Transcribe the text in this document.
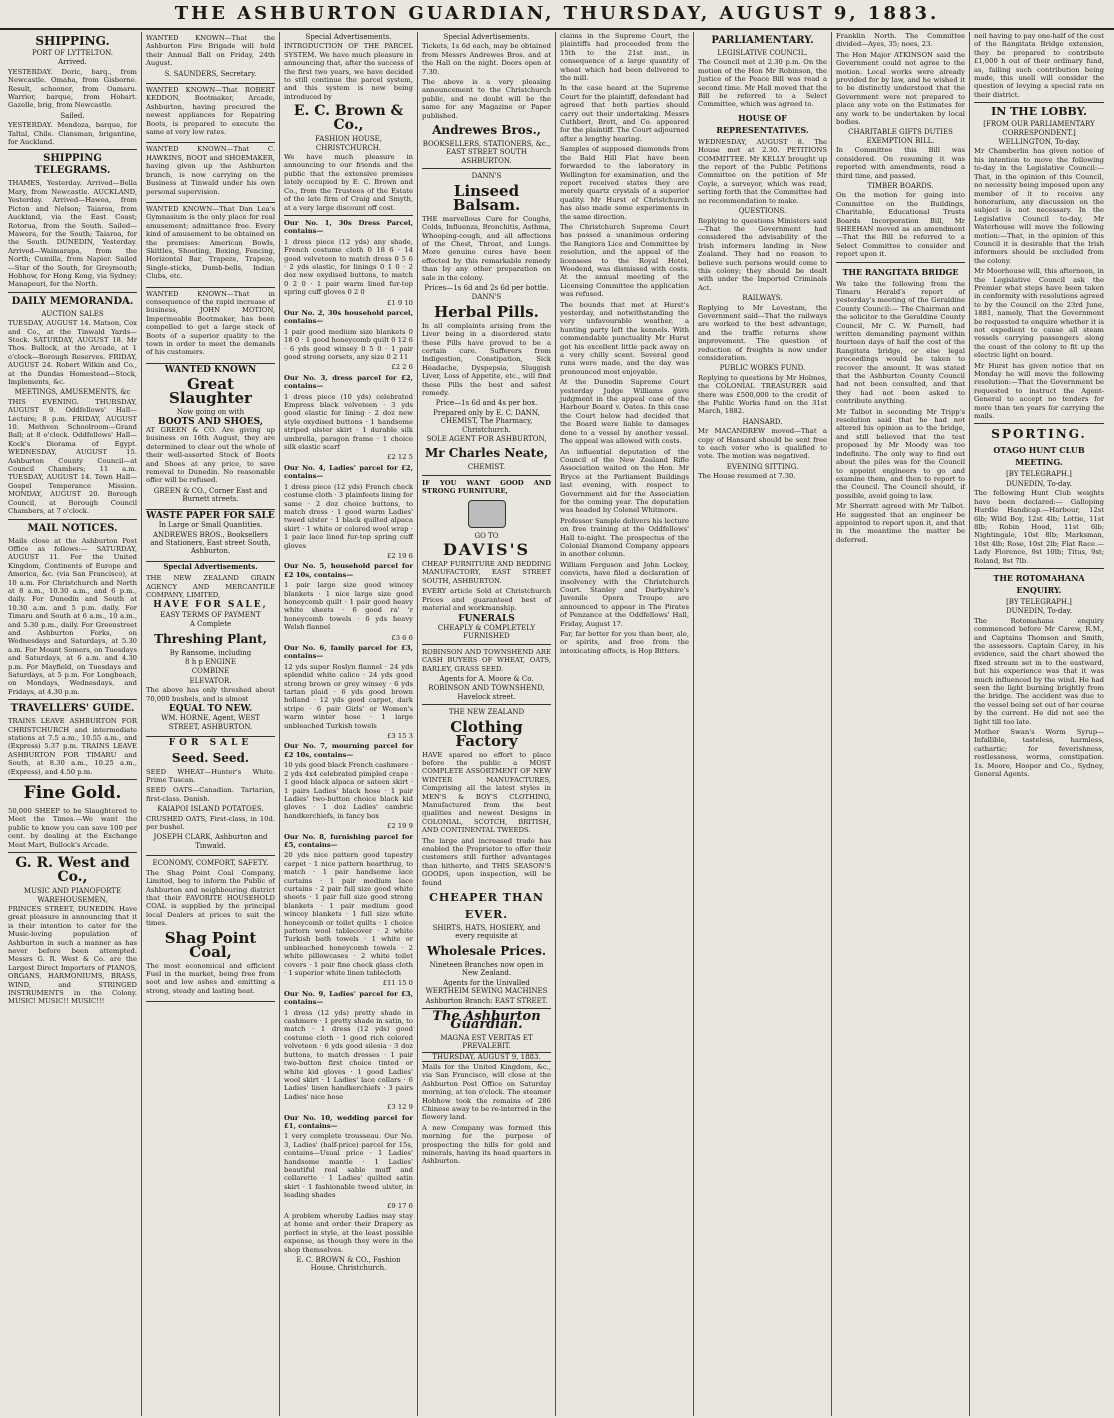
THE ASHBURTON GUARDIAN, THURSDAY, AUGUST 9, 1883.
SHIPPING.
PORT OF LYTTELTON.
Arrived.
YESTERDAY. Doric, barq., from Newcastle. Omaha, from Gisborne. Result, schooner, from Oamaru. Warrior, barque, from Hobart. Gazelle, brig, from Newcastle.
Sailed.
YESTERDAY. Mendoza, barque, for Taltal, Chile. Clansman, brigantine, for Auckland.
SHIPPING TELEGRAMS.
THAMES, Yesterday. Arrived—Bella Mary, from Newcastle. AUCKLAND, Yesterday. Arrived—Hawea, from Picton and Nelson; Taiaroa, from Auckland, via the East Coast; Rotorua, from the South. Sailed—Mawera, for the South; Taiaroa, for the South. DUNEDIN, Yesterday. Arrived—Waimarapa, from the North; Cumilla, from Napier. Sailed—Star of the South, for Greymouth; Hobhow, for Hong Kong, via Sydney; Manapouri, for the North.
DAILY MEMORANDA.
AUCTION SALES
TUESDAY, AUGUST 14. Matson, Cox and Co., at the Tinwald Yards—Stock. SATURDAY, AUGUST 18. Mr Thos. Bullock, at the Arcade, at 1 o'clock—Borough Reserves. FRIDAY, AUGUST 24. Robert Wilkin and Co., at the Dundas Homestead—Stock, Implements, &c.
MEETINGS, AMUSEMENTS, &c
THIS EVENING. THURSDAY, AUGUST 9. Oddfellows' Hall—Lecture; 8 p.m. FRIDAY, AUGUST 10. Methven Schoolroom—Grand Ball; at 8 o'clock. Oddfellows' Hall—Kock's Diorama of Egypt. WEDNESDAY, AUGUST 15. Ashburton County Council—at Council Chambers; 11 a.m. TUESDAY, AUGUST 14. Town Hall—Gospel Temperance Mission. MONDAY, AUGUST 20. Borough Council, at Borough Council Chambers, at 7 o'clock.
MAIL NOTICES.
Mails close at the Ashburton Post Office as follows:— SATURDAY, AUGUST 11. For the United Kingdom, Continents of Europe and America, &c. (via San Francisco), at 10 a.m. For Christchurch and North at 8 a.m., 10.30 a.m., and 6 p.m., daily. For Dunedin and South at 10.30 a.m. and 5 p.m. daily. For Timaru and South at 6 a.m., 10 a.m., and 5.30 p.m., daily. For Greenstreet and Ashburton Forks, on Wednesdays and Saturdays, at 5.30 a.m. For Mount Somers, on Tuesdays and Saturdays, at 6 a.m. and 4.30 p.m. For Mayfield, on Tuesdays and Saturdays, at 5 p.m. For Longbeach, on Mondays, Wednesdays, and Fridays, at 4.30 p.m.
TRAVELLERS' GUIDE.
TRAINS LEAVE ASHBURTON FOR CHRISTCHURCH and intermediate stations at 7.5 a.m., 10.55 a.m., and (Express) 5.37 p.m. TRAINS LEAVE ASHBURTON FOR TIMARU and South, at 8.30 a.m., 10.25 a.m., (Express), and 4.50 p.m.
Fine Gold.
50,000 SHEEP to be Slaughtered to Meet the Times.—We want the public to know you can save 100 per cent. by dealing at the Exchange Meat Mart, Bullock's Arcade.
G. R. West and Co.,
MUSIC AND PIANOFORTE WAREHOUSEMEN,
PRINCES STREET, DUNEDIN. Have great pleasure in announcing that it is their intention to cater for the Music-loving population of Ashburton in such a manner as has never before been attempted. Messrs G. R. West & Co. are the Largest Direct Importers of PIANOS, ORGANS, HARMONIUMS, BRASS, WIND, and STRINGED INSTRUMENTS in the Colony. MUSIC! MUSIC!! MUSIC!!!
WANTED KNOWN—That the Ashburton Fire Brigade will hold their Annual Ball on Friday, 24th August.
S. SAUNDERS, Secretary.
WANTED KNOWN—That ROBERT KEDDON, Bootmaker, Arcade, Ashburton, having procured the newest appliances for Repairing Boots, is prepared to execute the same at very low rates.
WANTED KNOWN—That C. HAWKINS, BOOT and SHOEMAKER, having given up the Ashburton branch, is now carrying on the Business at Tinwald under his own personal supervision.
WANTED KNOWN—That Dan Lea's Gymnasium is the only place for real amusement; admittance free. Every kind of amusement to be obtained on the premises: American Bowls, Skittles, Shooting, Boxing, Fencing, Horizontal Bar, Trapeze, Trapeze, Single-sticks, Dumb-bells, Indian Clubs, etc.
WANTED KNOWN—That in consequence of the rapid increase of business, JOHN MOTION, Impermeable Bootmaker, has been compelled to get a large stock of Boots of a superior quality to the town in order to meet the demands of his customers.
WANTED KNOWN
Great Slaughter
Now going on with
BOOTS AND SHOES,
AT GREEN & CO. Are giving up business on 16th August, they are determined to clear out the whole of their well-assorted Stock of Boots and Shoes at any price, to save removal to Dunedin. No reasonable offer will be refused.
GREEN & CO., Corner East and Burnett streets.
WASTE PAPER FOR SALE
In Large or Small Quantities.
ANDREWES BROS., Booksellers and Stationers, East street South, Ashburton.
Special Advertisements.
THE NEW ZEALAND GRAIN AGENCY AND MERCANTILE COMPANY, LIMITED,
HAVE FOR SALE,
EASY TERMS OF PAYMENT
A Complete
Threshing Plant,
By Ransome, including
8 h p ENGINE
COMBINE
ELEVATOR.
The above has only threshed about 70,000 bushels, and is almost
EQUAL TO NEW.
WM. HORNE, Agent, WEST STREET, ASHBURTON.
FOR SALE
Seed. Seed.
SEED WHEAT—Hunter's White. Prime Tuscan.
SEED OATS—Canadian. Tartarian, first-class. Danish.
KAIAPOI ISLAND POTATOES.
CRUSHED OATS, First-class, in 10d. per bushel.
JOSEPH CLARK, Ashburton and Tinwald.
ECONOMY, COMFORT, SAFETY.
The Shag Point Coal Company, Limited, beg to inform the Public of Ashburton and neighbouring district that their FAVORITE HOUSEHOLD COAL is supplied by the principal local Dealers at prices to suit the times.
Shag Point Coal,
The most economical and efficient Fuel in the market, being free from soot and low ashes and emitting a strong, steady and lasting heat.
Special Advertisements.
INTRODUCTION OF THE PARCEL SYSTEM. We have much pleasure in announcing that, after the success of the first two years, we have decided to still continue the parcel system, and this system is now being introduced by
E. C. Brown & Co.,
FASHION HOUSE, CHRISTCHURCH.
We have much pleasure in announcing to our friends and the public that the extensive premises lately occupied by E. C. Brown and Co., from the Trustees of the Estate of the late firm of Craig and Smyth, at a very large discount off cost.
Our No. 1, 30s Dress Parcel, contains—
1 dress piece (12 yds) any shade, French costume cloth 0 18 6 · 14 good velveteen to match dress 0 5 6 · 2 yds elastic, for linings 0 1 0 · 2 doz new oxydised buttons, to match 0 2 0 · 1 pair warm lined fur-top spring cuff gloves 0 2 0
£1 9 10
Our No. 2, 30s household parcel, contains—
1 pair good medium size blankets 0 18 0 · 1 good honeycomb quilt 0 12 6 · 6 yds good winsey 0 5 0 · 1 pair good strong corsets, any size 0 2 11
£2 2 6
Our No. 3, dress parcel for £2, contains—
1 dress piece (10 yds) celebrated Empress black velveteen · 3 yds good elastic for lining · 2 doz new style oxydised buttons · 1 handsome striped ulster skirt · 1 durable silk umbrella, paragon frame · 1 choice silk elastic scarf
£2 12 5
Our No. 4, Ladies' parcel for £2, contains—
1 dress piece (12 yds) French check costume cloth · 3 plainfeets lining for same · 2 doz choice buttons, to match dress · 1 good warm Ladies' tweed ulster · 1 black quilted alpaca skirt · 1 white or colored wool wrap · 1 pair lace lined fur-top spring cuff gloves
£2 19 6
Our No. 5, household parcel for £2 10s, contains—
1 pair large size good wincey blankets · 1 nice large size good honeycomb quilt · 1 pair good heavy white sheets · 6 good ra' 'r honeycomb towels · 6 yds heavy Welsh flannel
£3 6 6
Our No. 6, family parcel for £3, contains—
12 yds super Roslyn flannel · 24 yds splendid white calico · 24 yds good strong brown or grey winsey · 6 yds tartan plaid · 6 yds good brown holland · 12 yds good carpet, dark stripe · 6 pair Girls' or Women's warm winter hose · 1 large unbleached Turkish towels
£3 15 3
Our No. 7, mourning parcel for £2 10s, contains—
10 yds good black French cashmere · 2 yds 4x4 celebrated pimpled crape · 1 good black alpaca or sateen skirt · 1 pairs Ladies' black hose · 1 pair Ladies' two-button choice black kid gloves · 1 doz Ladies' cambric handkerchiefs, in fancy box
£2 19 9
Our No. 8, furnishing parcel for £5, contains—
20 yds nice pattern good tapestry carpet · 1 nice pattern hearthrug, to match · 1 pair handsome lace curtains · 1 pair medium lace curtains · 2 pair full size good white sheets · 1 pair full size good strong blankets · 1 pair medium good wincey blankets · 1 full size white honeycomb or toilet quilts · 1 choice pattern wool tablecover · 2 white Turkish bath towels · 1 white or unbleached honeycomb towels · 2 white pillowcases · 2 white toilet covers · 1 pair fine check glass cloth · 1 superior white linen tablecloth
£11 15 0
Our No. 9, Ladies' parcel for £3, contains—
1 dress (12 yds) pretty shade in cashmere · 1 pretty shade in satin, to match · 1 dress (12 yds) good costume cloth · 1 good rich colored velveteen · 6 yds good silesia · 3 doz buttons, to match dresses · 1 pair two-button first choice tinted or white kid gloves · 1 good Ladies' wool skirt · 1 Ladies' lace collars · 6 Ladies' linen handkerchiefs · 3 pairs Ladies' nice hose
£3 12 9
Our No. 10, wedding parcel for £1, contains—
1 very complete trousseau. Our No. 3, Ladies' (half-price) parcel for 15s, contains—Usual price · 1 Ladies' handsome mantle · 1 Ladies' beautiful real sable muff and collarette · 1 Ladies' quilted satin skirt · 1 fashionable tweed ulster, in leading shades
£9 17 6
A problem whereby Ladies may stay at home and order their Drapery as perfect in style, at the least possible expense, as though they were in the shop themselves.
E. C. BROWN & CO., Fashion House, Christchurch.
Special Advertisements.
Tickets, 1s 6d each, may be obtained from Messrs Andrewes Bros. and at the Hall on the night. Doors open at 7.30.
The above is a very pleasing announcement to the Christchurch public, and no doubt will be the same for any Magazine or Paper published.
Andrewes Bros.,
BOOKSELLERS, STATIONERS, &c., EAST STREET SOUTH ASHBURTON.
DANN'S
Linseed Balsam.
THE marvellous Cure for Coughs, Colds, Influenza, Bronchitis, Asthma, Whooping-cough, and all affections of the Chest, Throat, and Lungs. More genuine cures have been effected by this remarkable remedy than by any other preparation on sale in the colony.
Prices—1s 6d and 2s 6d per bottle.
DANN'S
Herbal Pills.
In all complaints arising from the Liver being in a disordered state these Pills have proved to be a certain cure. Sufferers from Indigestion, Constipation, Sick Headache, Dyspepsia, Sluggish Liver, Loss of Appetite, etc., will find these Pills the best and safest remedy.
Price—1s 6d and 4s per box.
Prepared only by E. C. DANN, CHEMIST, The Pharmacy, Christchurch.
SOLE AGENT FOR ASHBURTON,
Mr Charles Neate,
CHEMIST.
IF YOU WANT GOOD AND STRONG FURNITURE,
GO TO
DAVIS'S
CHEAP FURNITURE AND BEDDING MANUFACTORY, EAST STREET SOUTH, ASHBURTON.
EVERY article Sold at Christchurch Prices and guaranteed best of material and workmanship.
FUNERALS
CHEAPLY & COMPLETELY FURNISHED
ROBINSON AND TOWNSHEND ARE CASH BUYERS OF WHEAT, OATS, BARLEY, GRASS SEED.
Agents for A. Moore & Co.
ROBINSON AND TOWNSHEND, Havelock street.
THE NEW ZEALAND
Clothing Factory
HAVE spared no effort to place before the public a MOST COMPLETE ASSORTMENT OF NEW WINTER MANUFACTURES, Comprising all the latest styles in MEN'S & BOY'S CLOTHING, Manufactured from the best qualities and newest Designs in COLONIAL, SCOTCH, BRITISH, AND CONTINENTAL TWEEDS.
The large and increased trade has enabled the Proprietor to offer their customers still further advantages than hitherto, and THIS SEASON'S GOODS, upon inspection, will be found
CHEAPER THAN EVER.
SHIRTS, HATS, HOSIERY, and every requisite at
Wholesale Prices.
Nineteen Branches now open in New Zealand.
Agents for the Univalled WERTHEIM SEWING MACHINES
Ashburton Branch: EAST STREET.
The Ashburton Guardian.
MAGNA EST VERITAS ET PREVALEBIT.
THURSDAY, AUGUST 9, 1883.
Mails for the United Kingdom, &c., via San Francisco, will close at the Ashburton Post Office on Saturday morning, at ten o'clock. The steamer Hobhow took the remains of 286 Chinese away to be re-interred in the flowery land.
A new Company was formed this morning for the purpose of prospecting the hills for gold and minerals, having its head quarters in Ashburton.
claims in the Supreme Court, the plaintiffs had proceeded from the 15th to the 21st inst., in consequence of a large quantity of wheat which had been delivered to the mill.
In the case heard at the Supreme Court for the plaintiff, defendant had agreed that both parties should carry out their undertaking. Messrs Cuthbert, Brett, and Co. appeared for the plaintiff. The Court adjourned after a lengthy hearing.
Samples of supposed diamonds from the Bald Hill Flat have been forwarded to the laboratory in Wellington for examination, and the report received states they are merely quartz crystals of a superior quality. Mr Hurst of Christchurch has also made some experiments in the same direction.
The Christchurch Supreme Court has passed a unanimous ordering the Rangiora Lice and Committee by resolution, and the appeal of the licensees to the Royal Hotel, Woodend, was dismissed with costs. At the annual meeting of the Licensing Committee the application was refused.
The bounds that met at Hurst's yesterday, and notwithstanding the very unfavourable weather, a hunting party left the kennels. With commendable punctuality Mr Hurst got his excellent little pack away on a very chilly scent. Several good runs were made, and the day was pronounced most enjoyable.
At the Dunedin Supreme Court yesterday Judge Williams gave judgment in the appeal case of the Harbour Board v. Oates. In this case the Court below had decided that the Board were liable to damages done to a vessel by another vessel. The appeal was allowed with costs.
An influential deputation of the Council of the New Zealand Rifle Association waited on the Hon. Mr Bryce at the Parliament Buildings last evening, with respect to Government aid for the Association for the coming year. The deputation was headed by Colonel Whitmore.
Professor Sample delivers his lecture on free training at the Oddfellows' Hall to-night. The prospectus of the Colonial Diamond Company appears in another column.
William Ferguson and John Lockey, convicts, have filed a declaration of insolvency with the Christchurch Court. Stanley and Darbyshire's Juvenile Opera Troupe are announced to appear in The Pirates of Penzance at the Oddfellows' Hall, Friday, August 17.
Far, far better for you than beer, ale, or spirits, and free from the intoxicating effects, is Hop Bitters.
PARLIAMENTARY.
LEGISLATIVE COUNCIL.
The Council met at 2.30 p.m. On the motion of the Hon Mr Robinson, the Justice of the Peace Bill was read a second time. Mr Hall moved that the Bill be referred to a Select Committee, which was agreed to.
HOUSE OF REPRESENTATIVES.
WEDNESDAY, AUGUST 8. The House met at 2.30. PETITIONS COMMITTEE. Mr KELLY brought up the report of the Public Petitions Committee on the petition of Mr Coyle, a surveyor, which was read, setting forth that the Committee had no recommendation to make.
QUESTIONS.
Replying to questions Ministers said—That the Government had considered the advisability of the Irish informers landing in New Zealand. They had no reason to believe such persons would come to this colony; they should be dealt with under the Imported Criminals Act.
RAILWAYS.
Replying to Mr Levestam, the Government said—That the railways are worked to the best advantage, and the traffic returns show improvement. The question of reduction of freights is now under consideration.
PUBLIC WORKS FUND.
Replying to questions by Mr Holmes, the COLONIAL TREASURER said there was £500,000 to the credit of the Public Works fund on the 31st March, 1882.
HANSARD.
Mr MACANDREW moved—That a copy of Hansard should be sent free to each voter who is qualified to vote. The motion was negatived.
EVENING SITTING.
The House resumed at 7.30.
Franklin North. The Committee divided—Ayes, 35; noes, 23.
The Hon Major ATKINSON said the Government could not agree to the motion. Local works were already provided for by law, and he wished it to be distinctly understood that the Government were not prepared to place any vote on the Estimates for any work to be undertaken by local bodies.
CHARITABLE GIFTS DUTIES EXEMPTION BILL.
In Committee this Bill was considered. On resuming it was reported with amendments, read a third time, and passed.
TIMBER BOARDS.
On the motion for going into Committee on the Buildings, Charitable, Educational Trusts Boards Incorporation Bill, Mr SHEEHAN moved as an amendment—That the Bill be referred to a Select Committee to consider and report upon it.
THE RANGITATA BRIDGE
We take the following from the Timaru Herald's report of yesterday's meeting of the Geraldine County Council:— The Chairman and the solicitor to the Geraldine County Council, Mr C. W. Purnell, had written demanding payment within fourteen days of half the cost of the Rangitata bridge, or else legal proceedings would be taken to recover the amount. It was stated that the Ashburton County Council had not been consulted, and that they had not been asked to contribute anything.
Mr Talbot in seconding Mr Tripp's resolution said that he had not altered his opinion as to the bridge, and still believed that the test proposed by Mr Moody was too indefinite. The only way to find out about the piles was for the Council to appoint engineers to go and examine them, and then to report to the Council. The Council should, if possible, avoid going to law.
Mr Sherratt agreed with Mr Talbot. He suggested that an engineer be appointed to report upon it, and that in the meantime the matter be deferred.
neil having to pay one-half of the cost of the Rangitata Bridge extension, they be prepared to contribute £1,000 h out of their ordinary fund, as, failing such contribution being made, this unell will consider the question of levying a special rate on their district.
IN THE LOBBY.
[FROM OUR PARLIAMENTARY CORRESPONDENT.]
WELLINGTON, To-day.
Mr Chamberlin has given notice of his intention to move the following to-day in the Legislative Council:—That, in the opinion of this Council, no necessity being imposed upon any member of it to receive any honorarium, any discussion on the subject is not necessary. In the Legislative Council to-day, Mr Waterhouse will move the following motion:—That, in the opinion of this Council it is desirable that the Irish informers should be excluded from the colony.
Mr Moorhouse will, this afternoon, in the Legislative Council ask the Premier what steps have been taken in conformity with resolutions agreed to by the Council on the 23rd June, 1881, namely, That the Government be requested to enquire whether it is not expedient to cause all steam vessels carrying passengers along the coast of the colony to fit up the electric light on board.
Mr Hurst has given notice that on Monday he will move the following resolution:—That the Government be requested to instruct the Agent-General to accept no tenders for more than ten years for carrying the mails.
SPORTING.
OTAGO HUNT CLUB MEETING.
[BY TELEGRAPH.]
DUNEDIN, To-day.
The following Hunt Club weights have been declared:— Galloping Hurdle Handicap.—Harbour, 12st 6lb; Wild Boy, 12st 4lb; Lottie, 11st 8lb; Robin Hood, 11st 6lb; Nightingale, 10st 8lb; Marksman, 10st 4lb; Rose, 10st 2lb; Flat Race.—Lady Florence, 9st 10lb; Titus, 9st; Roland, 8st 7lb.
THE ROTOMAHANA ENQUIRY.
[BY TELEGRAPH.]
DUNEDIN, To-day.
The Rotomahana enquiry commenced before Mr Carew, R.M., and Captains Thomson and Smith, the assessors. Captain Carey, in his evidence, said the chart showed the fixed stream set in to the eastward, but his experience was that it was much influenced by the wind. He had seen the light burning brightly from the bridge. The accident was due to the vessel being set out of her course by the current. He did not see the light till too late.
Mother Swan's Worm Syrup—Infallible, tasteless, harmless, cathartic; for feverishness, restlessness, worms, constipation. 1s. Moore, Hooper and Co., Sydney, General Agents.
